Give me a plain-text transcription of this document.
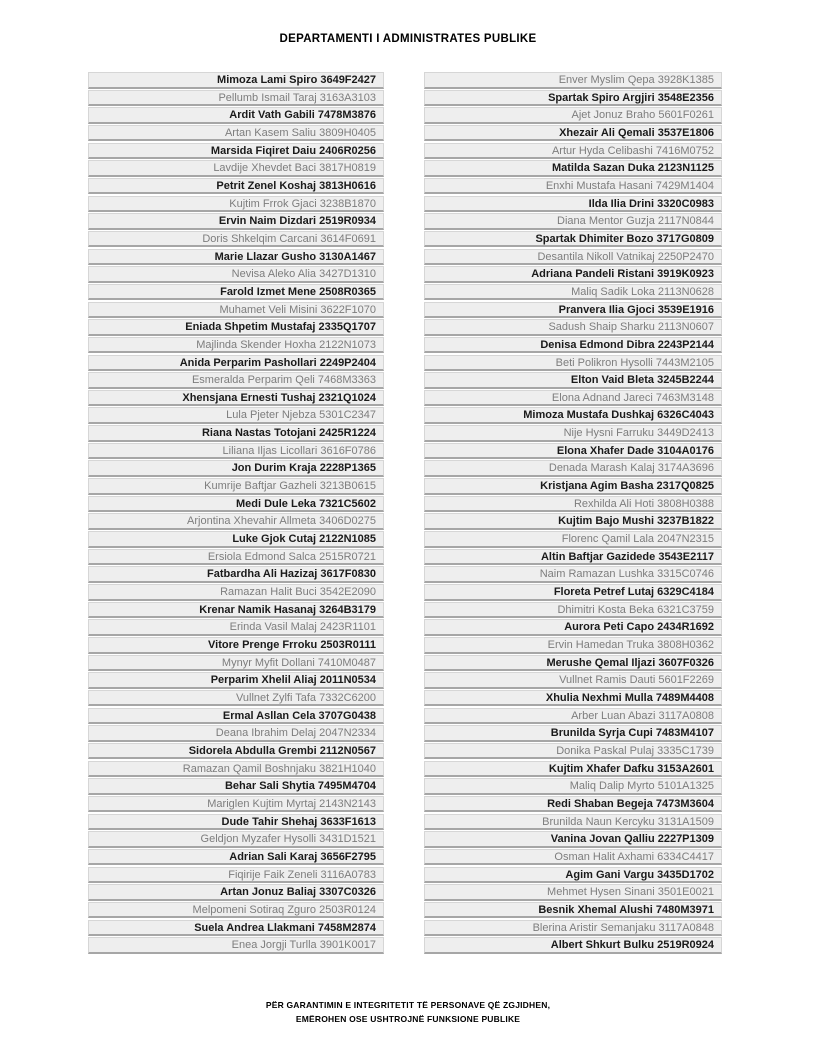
DEPARTAMENTI I ADMINISTRATES PUBLIKE
Mimoza Lami Spiro 3649F2427
Pellumb Ismail Taraj 3163A3103
Ardit Vath Gabili 7478M3876
Artan Kasem Saliu 3809H0405
Marsida Fiqiret Daiu 2406R0256
Lavdije Xhevdet Baci 3817H0819
Petrit Zenel Koshaj 3813H0616
Kujtim Frrok Gjaci 3238B1870
Ervin Naim Dizdari 2519R0934
Doris Shkelqim Carcani 3614F0691
Marie Llazar Gusho 3130A1467
Nevisa Aleko Alia 3427D1310
Farold Izmet Mene 2508R0365
Muhamet Veli Misini 3622F1070
Eniada Shpetim Mustafaj 2335Q1707
Majlinda Skender Hoxha 2122N1073
Anida Perparim Pashollari 2249P2404
Esmeralda Perparim Qeli 7468M3363
Xhensjana Ernesti Tushaj 2321Q1024
Lula Pjeter Njebza 5301C2347
Riana Nastas Totojani 2425R1224
Liliana Iljas Licollari 3616F0786
Jon Durim Kraja 2228P1365
Kumrije Baftjar Gazheli 3213B0615
Medi Dule Leka 7321C5602
Arjontina Xhevahir Allmeta 3406D0275
Luke Gjok Cutaj 2122N1085
Ersiola Edmond Salca 2515R0721
Fatbardha Ali Hazizaj 3617F0830
Ramazan Halit Buci 3542E2090
Krenar Namik Hasanaj 3264B3179
Erinda Vasil Malaj 2423R1101
Vitore Prenge Frroku 2503R0111
Mynyr Myfit Dollani 7410M0487
Perparim Xhelil Aliaj 2011N0534
Vullnet Zylfi Tafa 7332C6200
Ermal Asllan Cela 3707G0438
Deana Ibrahim Delaj 2047N2334
Sidorela Abdulla Grembi 2112N0567
Ramazan Qamil Boshnjaku 3821H1040
Behar Sali Shytia 7495M4704
Mariglen Kujtim Myrtaj 2143N2143
Dude Tahir Shehaj 3633F1613
Geldjon Myzafer Hysolli 3431D1521
Adrian Sali Karaj 3656F2795
Fiqirije Faik Zeneli 3116A0783
Artan Jonuz Baliaj 3307C0326
Melpomeni Sotiraq Zguro 2503R0124
Suela Andrea Llakmani 7458M2874
Enea Jorgji Turlla 3901K0017
Enver Myslim Qepa 3928K1385
Spartak Spiro Argjiri 3548E2356
Ajet Jonuz Braho 5601F0261
Xhezair Ali Qemali 3537E1806
Artur Hyda Celibashi 7416M0752
Matilda Sazan Duka 2123N1125
Enxhi Mustafa Hasani 7429M1404
Ilda Ilia Drini 3320C0983
Diana Mentor Guzja 2117N0844
Spartak Dhimiter Bozo 3717G0809
Desantila Nikoll Vatnikaj 2250P2470
Adriana Pandeli Ristani 3919K0923
Maliq Sadik Loka 2113N0628
Pranvera Ilia Gjoci 3539E1916
Sadush Shaip Sharku 2113N0607
Denisa Edmond Dibra 2243P2144
Beti Polikron Hysolli 7443M2105
Elton Vaid Bleta 3245B2244
Elona Adnand Jareci 7463M3148
Mimoza Mustafa Dushkaj 6326C4043
Nije Hysni Farruku 3449D2413
Elona Xhafer Dade 3104A0176
Denada Marash Kalaj 3174A3696
Kristjana Agim Basha 2317Q0825
Rexhilda Ali Hoti 3808H0388
Kujtim Bajo Mushi 3237B1822
Florenc Qamil Lala 2047N2315
Altin Baftjar Gazidede 3543E2117
Naim Ramazan Lushka 3315C0746
Floreta Petref Lutaj 6329C4184
Dhimitri Kosta Beka 6321C3759
Aurora Peti Capo 2434R1692
Ervin Hamedan Truka 3808H0362
Merushe Qemal Iljazi 3607F0326
Vullnet Ramis Dauti 5601F2269
Xhulia Nexhmi Mulla 7489M4408
Arber Luan Abazi 3117A0808
Brunilda Syrja Cupi 7483M4107
Donika Paskal Pulaj 3335C1739
Kujtim Xhafer Dafku 3153A2601
Maliq Dalip Myrto 5101A1325
Redi Shaban Begeja 7473M3604
Brunilda Naun Kercyku 3131A1509
Vanina Jovan Qalliu 2227P1309
Osman Halit Axhami 6334C4417
Agim Gani Vargu 3435D1702
Mehmet Hysen Sinani 3501E0021
Besnik Xhemal Alushi 7480M3971
Blerina Aristir Semanjaku 3117A0848
Albert Shkurt Bulku 2519R0924
PËR GARANTIMIN E INTEGRITETIT TË PERSONAVE QË ZGJIDHEN,
EMËROHEN OSE USHTROJNË FUNKSIONE PUBLIKE
